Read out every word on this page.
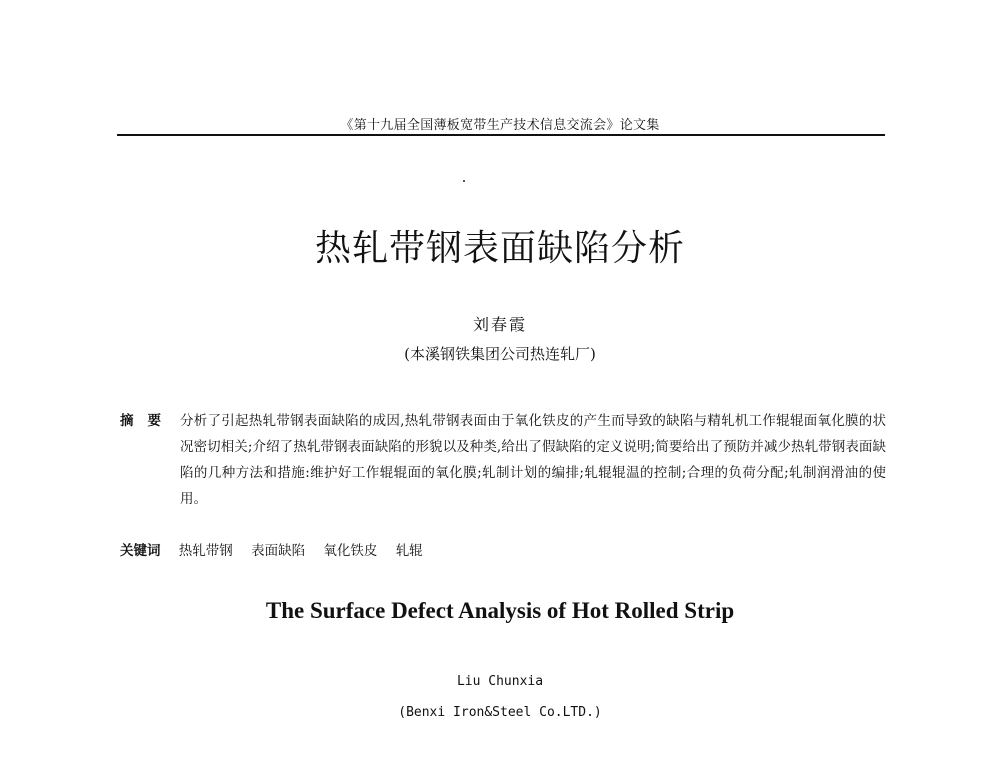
《第十九届全国薄板宽带生产技术信息交流会》论文集
热轧带钢表面缺陷分析
刘春霞
(本溪钢铁集团公司热连轧厂)
摘要 分析了引起热轧带钢表面缺陷的成因,热轧带钢表面由于氧化铁皮的产生而导致的缺陷与精轧机工作辊辊面氧化膜的状况密切相关;介绍了热轧带钢表面缺陷的形貌以及种类,给出了假缺陷的定义说明;简要给出了预防并减少热轧带钢表面缺陷的几种方法和措施:维护好工作辊辊面的氧化膜;轧制计划的编排;轧辊辊温的控制;合理的负荷分配;轧制润滑油的使用。
关键词 热轧带钢 表面缺陷 氧化铁皮 轧辊
The Surface Defect Analysis of Hot Rolled Strip
Liu Chunxia
(Benxi Iron&Steel Co.LTD.)
